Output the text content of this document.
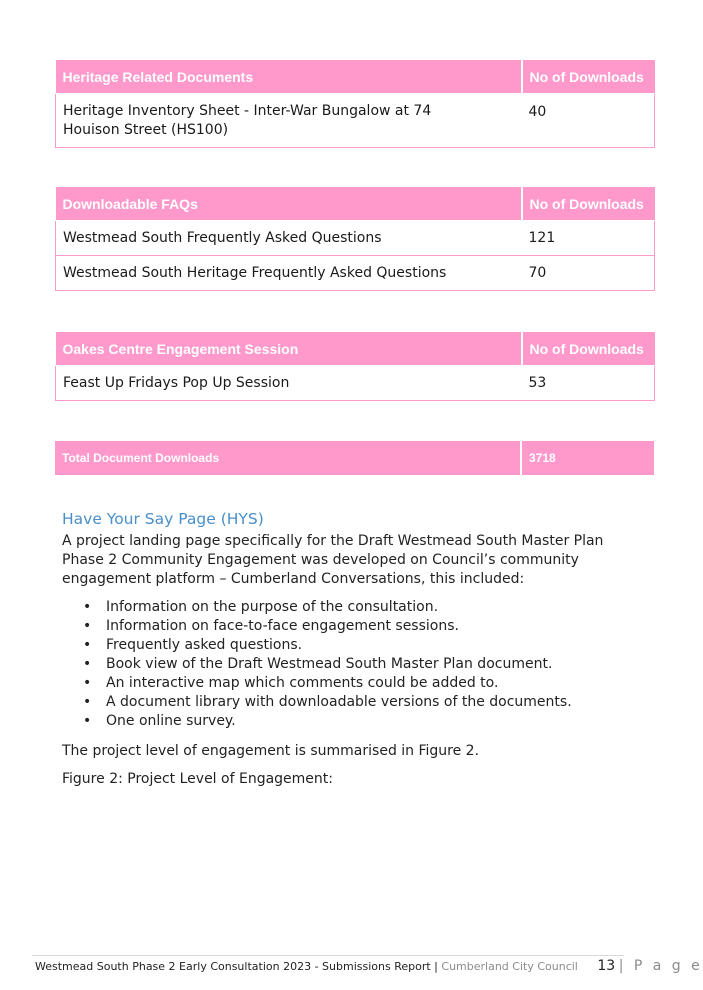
Heritage Related Documents	No of Downloads
Heritage Inventory Sheet - Inter-War Bungalow at 74 Houison Street (HS100)	40
Downloadable FAQs	No of Downloads
Westmead South Frequently Asked Questions	121
Westmead South Heritage Frequently Asked Questions	70
Oakes Centre Engagement Session	No of Downloads
Feast Up Fridays Pop Up Session	53
Total Document Downloads	3718
Have Your Say Page (HYS)
A project landing page specifically for the Draft Westmead South Master Plan Phase 2 Community Engagement was developed on Council’s community engagement platform – Cumberland Conversations, this included:
• Information on the purpose of the consultation.
• Information on face-to-face engagement sessions.
• Frequently asked questions.
• Book view of the Draft Westmead South Master Plan document.
• An interactive map which comments could be added to.
• A document library with downloadable versions of the documents.
• One online survey.
The project level of engagement is summarised in Figure 2.
Figure 2: Project Level of Engagement:
Westmead South Phase 2 Early Consultation 2023 - Submissions Report | Cumberland City Council 13 | P a g e
